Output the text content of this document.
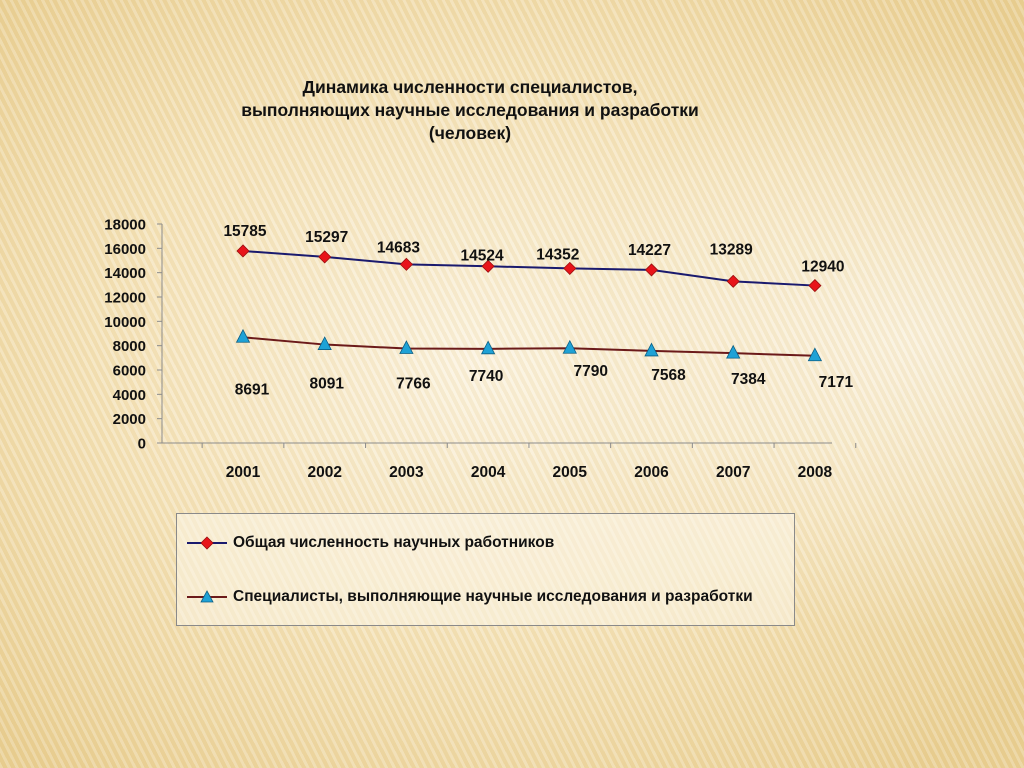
Динамика численности специалистов,
выполняющих научные исследования и разработки
(человек)
0
2000
4000
6000
8000
10000
12000
14000
16000
18000
2001	2002	2003	2004	2005	2006	2007	2008
15785 15297
14683	14524 14352	14227 13289
12940
8691	8091	7766 7740	7790	7568	7384	7171
Общая численность научных работников
Специалисты, выполняющие научные исследования и разработки
